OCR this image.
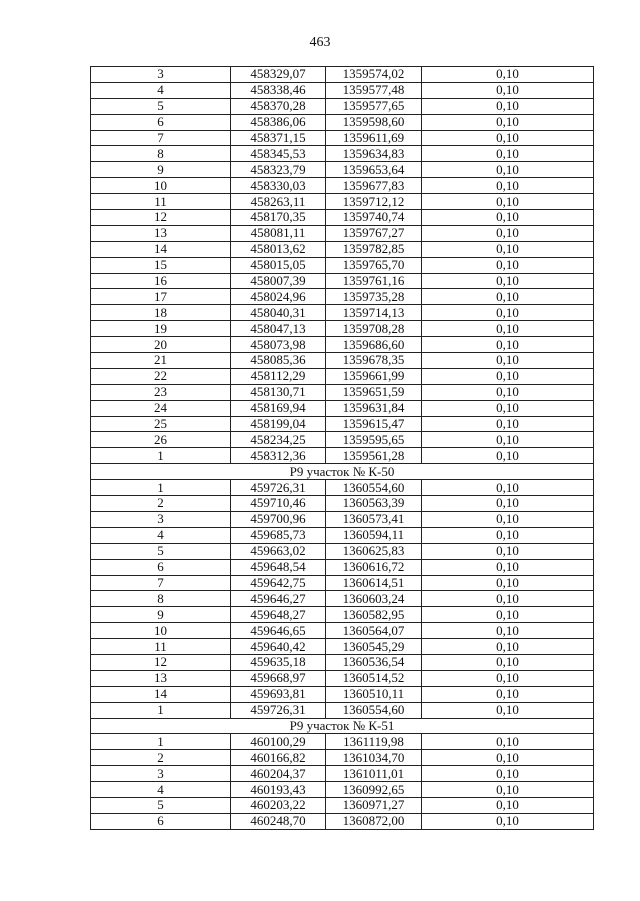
463
3	458329,07	1359574,02	0,10
4	458338,46	1359577,48	0,10
5	458370,28	1359577,65	0,10
6	458386,06	1359598,60	0,10
7	458371,15	1359611,69	0,10
8	458345,53	1359634,83	0,10
9	458323,79	1359653,64	0,10
10	458330,03	1359677,83	0,10
11	458263,11	1359712,12	0,10
12	458170,35	1359740,74	0,10
13	458081,11	1359767,27	0,10
14	458013,62	1359782,85	0,10
15	458015,05	1359765,70	0,10
16	458007,39	1359761,16	0,10
17	458024,96	1359735,28	0,10
18	458040,31	1359714,13	0,10
19	458047,13	1359708,28	0,10
20	458073,98	1359686,60	0,10
21	458085,36	1359678,35	0,10
22	458112,29	1359661,99	0,10
23	458130,71	1359651,59	0,10
24	458169,94	1359631,84	0,10
25	458199,04	1359615,47	0,10
26	458234,25	1359595,65	0,10
1	458312,36	1359561,28	0,10
Р9 участок № К-50			
1	459726,31	1360554,60	0,10
2	459710,46	1360563,39	0,10
3	459700,96	1360573,41	0,10
4	459685,73	1360594,11	0,10
5	459663,02	1360625,83	0,10
6	459648,54	1360616,72	0,10
7	459642,75	1360614,51	0,10
8	459646,27	1360603,24	0,10
9	459648,27	1360582,95	0,10
10	459646,65	1360564,07	0,10
11	459640,42	1360545,29	0,10
12	459635,18	1360536,54	0,10
13	459668,97	1360514,52	0,10
14	459693,81	1360510,11	0,10
1	459726,31	1360554,60	0,10
Р9 участок № К-51			
1	460100,29	1361119,98	0,10
2	460166,82	1361034,70	0,10
3	460204,37	1361011,01	0,10
4	460193,43	1360992,65	0,10
5	460203,22	1360971,27	0,10
6	460248,70	1360872,00	0,10
